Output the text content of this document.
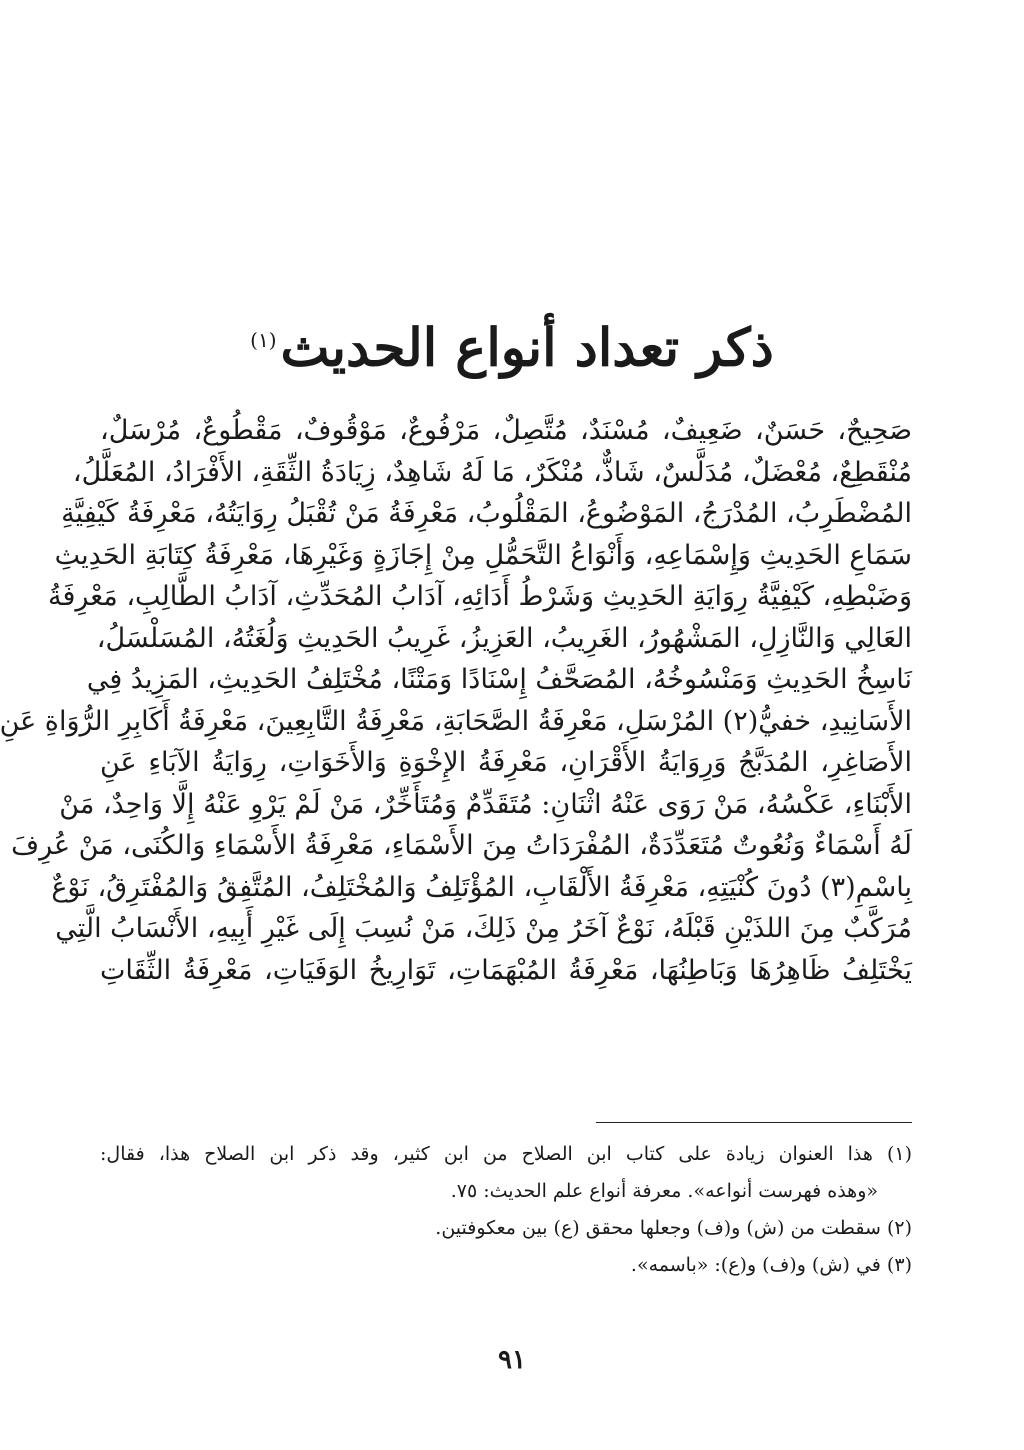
ذكر تعداد أنواع الحديث$^{(١)}$
صَحِيحٌ، حَسَنٌ، ضَعِيفٌ، مُسْنَدٌ، مُتَّصِلٌ، مَرْفُوعٌ، مَوْقُوفٌ، مَقْطُوعٌ، مُرْسَلٌ،
مُنْقَطِعٌ، مُعْضَلٌ، مُدَلَّسٌ، شَاذٌّ، مُنْكَرٌ، مَا لَهُ شَاهِدٌ، زِيَادَةُ الثِّقَةِ، الأَفْرَادُ، المُعَلَّلُ،
المُضْطَرِبُ، المُدْرَجُ، المَوْضُوعُ، المَقْلُوبُ، مَعْرِفَةُ مَنْ تُقْبَلُ رِوَايَتُهُ، مَعْرِفَةُ كَيْفِيَّةِ
سَمَاعِ الحَدِيثِ وَإِسْمَاعِهِ، وَأَنْوَاعُ التَّحَمُّلِ مِنْ إِجَازَةٍ وَغَيْرِهَا، مَعْرِفَةُ كِتَابَةِ الحَدِيثِ
وَضَبْطِهِ، كَيْفِيَّةُ رِوَايَةِ الحَدِيثِ وَشَرْطُ أَدَائِهِ، آدَابُ المُحَدِّثِ، آدَابُ الطَّالِبِ، مَعْرِفَةُ
العَالِي وَالنَّازِلِ، المَشْهُورُ، الغَرِيبُ، العَزِيزُ، غَرِيبُ الحَدِيثِ وَلُغَتُهُ، المُسَلْسَلُ،
نَاسِخُ الحَدِيثِ وَمَنْسُوخُهُ، المُصَحَّفُ إِسْنَادًا وَمَتْنًا، مُخْتَلِفُ الحَدِيثِ، المَزِيدُ فِي
الأَسَانِيدِ، خفيُّ(٢) المُرْسَلِ، مَعْرِفَةُ الصَّحَابَةِ، مَعْرِفَةُ التَّابِعِينَ، مَعْرِفَةُ أَكَابِرِ الرُّوَاةِ عَنِ
الأَصَاغِرِ، المُدَبَّجُ وَرِوَايَةُ الأَقْرَانِ، مَعْرِفَةُ الإِخْوَةِ وَالأَخَوَاتِ، رِوَايَةُ الآبَاءِ عَنِ
الأَبْنَاءِ، عَكْسُهُ، مَنْ رَوَى عَنْهُ اثْنَانِ: مُتَقَدِّمٌ وَمُتَأَخِّرٌ، مَنْ لَمْ يَرْوِ عَنْهُ إِلَّا وَاحِدٌ، مَنْ
لَهُ أَسْمَاءٌ وَنُعُوتٌ مُتَعَدِّدَةٌ، المُفْرَدَاتُ مِنَ الأَسْمَاءِ، مَعْرِفَةُ الأَسْمَاءِ وَالكُنَى، مَنْ عُرِفَ
بِاسْمِ(٣) دُونَ كُنْيَتِهِ، مَعْرِفَةُ الأَلْقَابِ، المُؤْتَلِفُ وَالمُخْتَلِفُ، المُتَّفِقُ وَالمُفْتَرِقُ، نَوْعٌ
مُرَكَّبٌ مِنَ اللذَيْنِ قَبْلَهُ، نَوْعٌ آخَرُ مِنْ ذَلِكَ، مَنْ نُسِبَ إِلَى غَيْرِ أَبِيهِ، الأَنْسَابُ الَّتِي
يَخْتَلِفُ ظَاهِرُهَا وَبَاطِنُهَا، مَعْرِفَةُ المُبْهَمَاتِ، تَوَارِيخُ الوَفَيَاتِ، مَعْرِفَةُ الثِّقَاتِ
(١) هذا العنوان زيادة على كتاب ابن الصلاح من ابن كثير، وقد ذكر ابن الصلاح هذا، فقال:
«وهذه فهرست أنواعه». معرفة أنواع علم الحديث: ٧٥.
(٢) سقطت من (ش) و(ف) وجعلها محقق (ع) بين معكوفتين.
(٣) في (ش) و(ف) و(ع): «باسمه».
٩١
